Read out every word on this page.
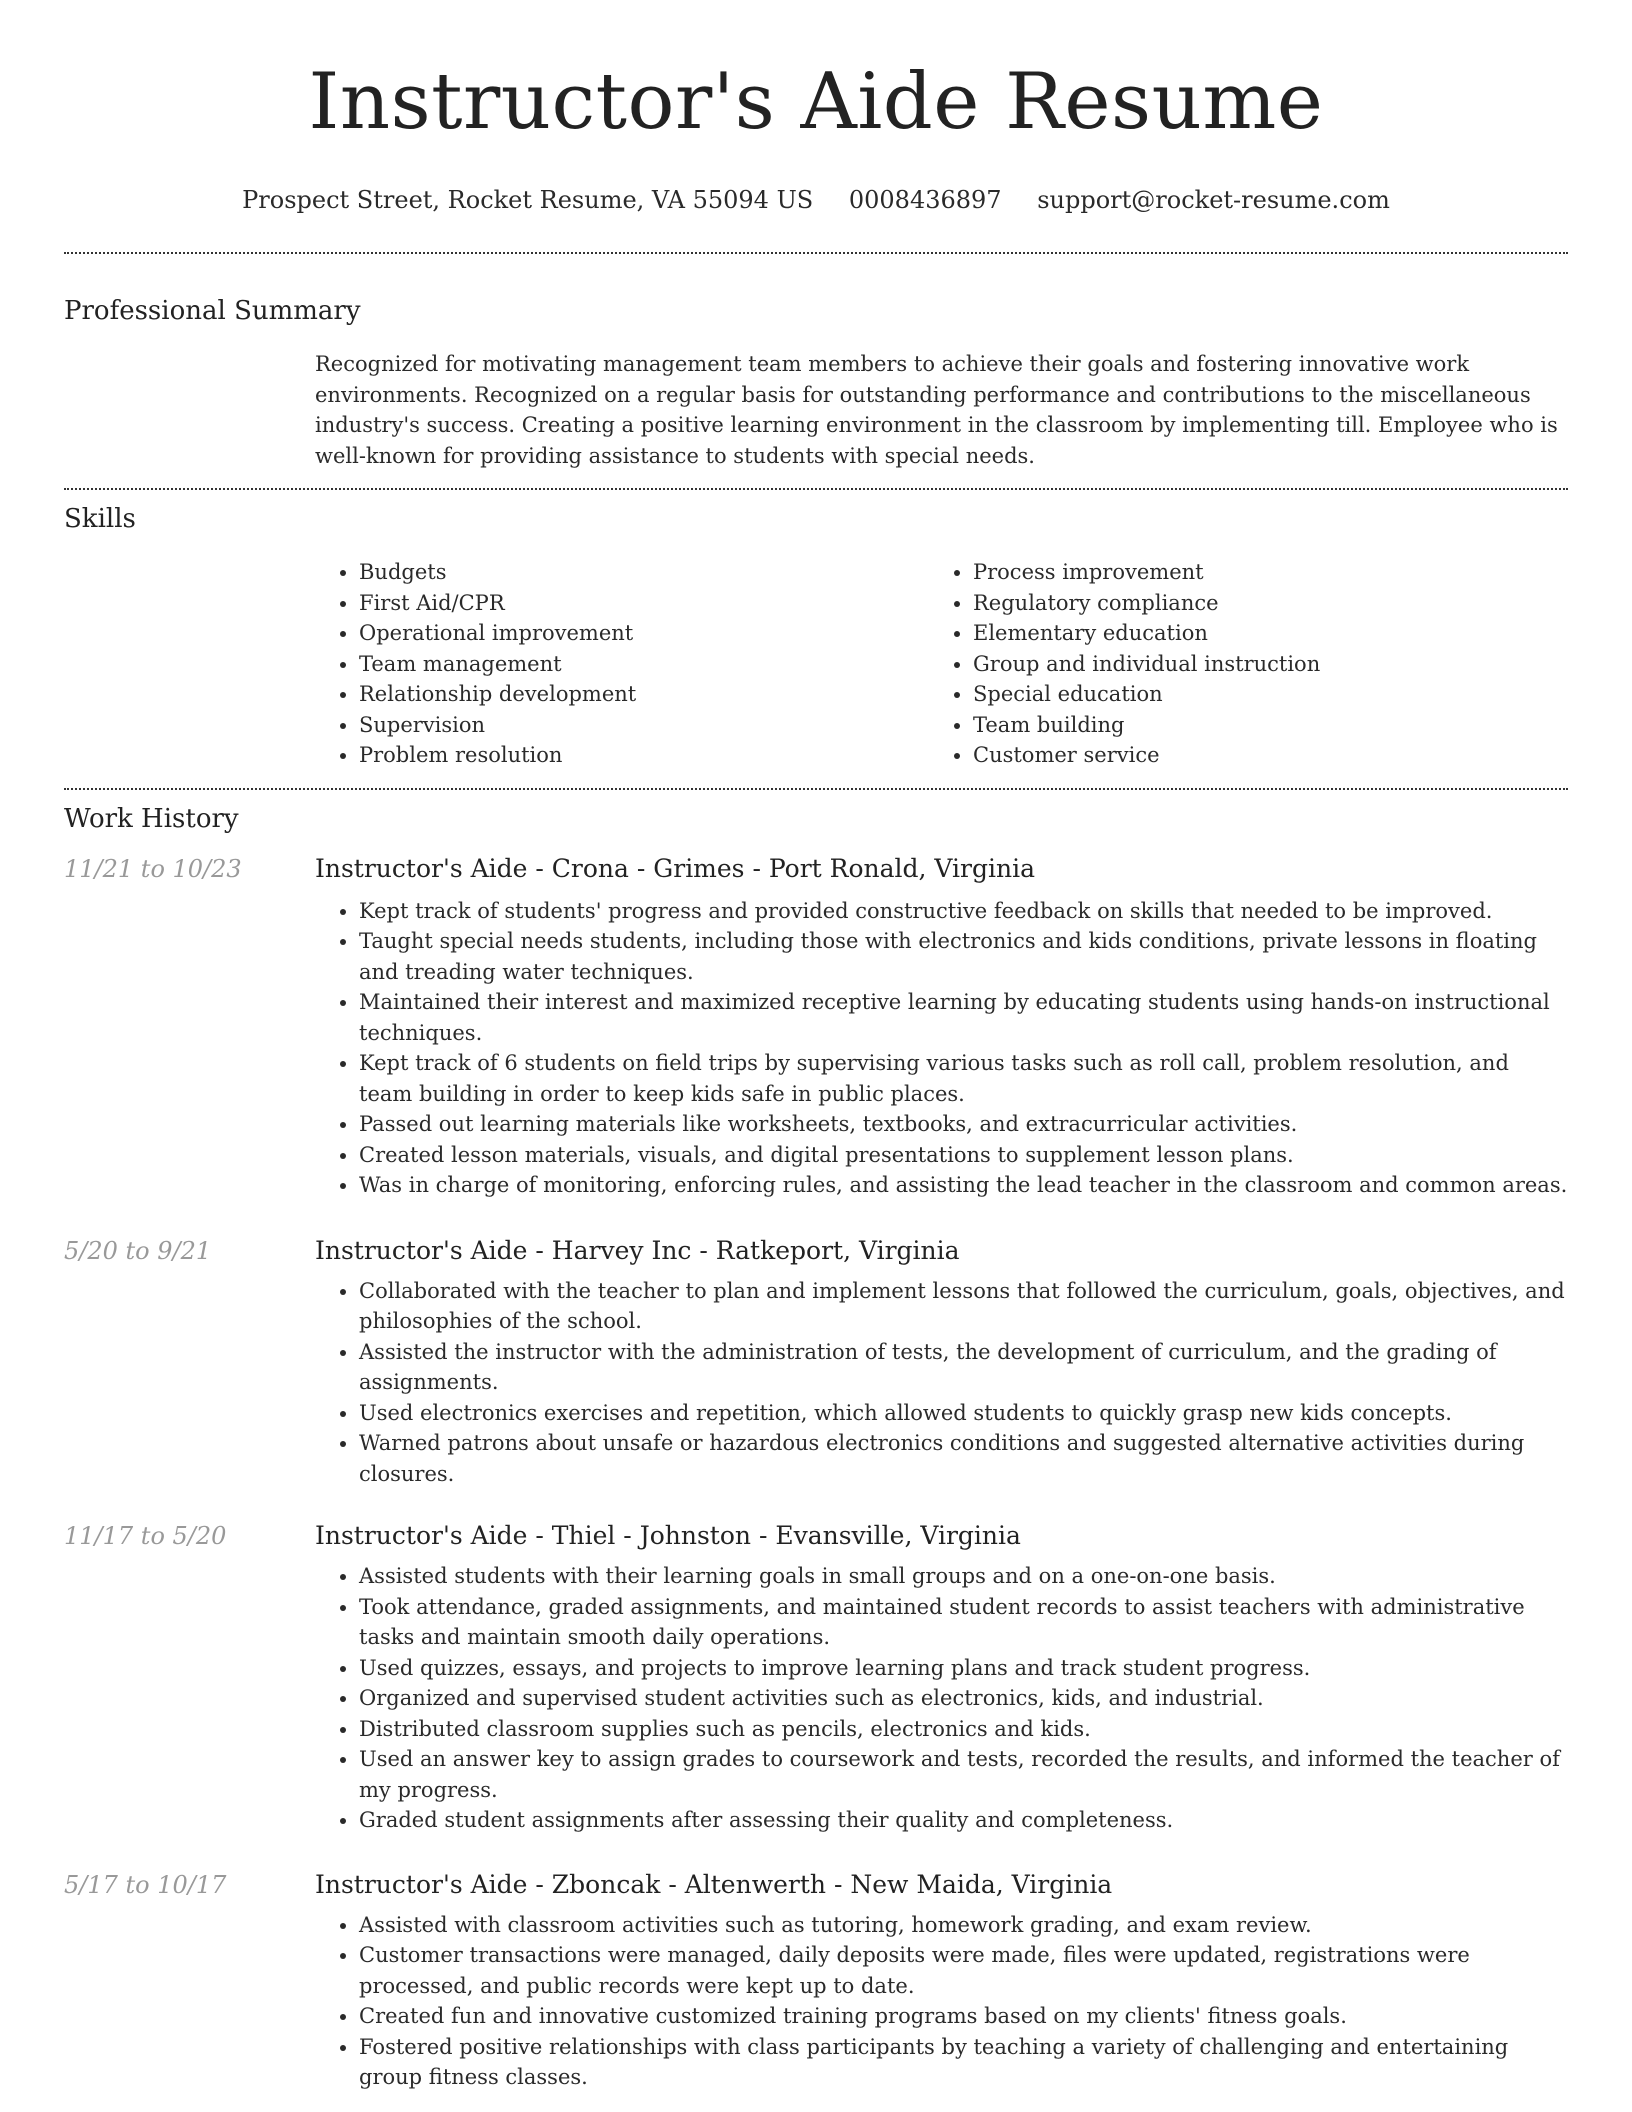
Instructor's Aide Resume
Prospect Street, Rocket Resume, VA 55094 US 0008436897 support@rocket-resume.com
Professional Summary
Recognized for motivating management team members to achieve their goals and fostering innovative work environments. Recognized on a regular basis for outstanding performance and contributions to the miscellaneous industry's success. Creating a positive learning environment in the classroom by implementing till. Employee who is well-known for providing assistance to students with special needs.
Skills
• Budgets
• First Aid/CPR
• Operational improvement
• Team management
• Relationship development
• Supervision
• Problem resolution
• Process improvement
• Regulatory compliance
• Elementary education
• Group and individual instruction
• Special education
• Team building
• Customer service
Work History
11/21 to 10/23	Instructor's Aide - Crona - Grimes - Port Ronald, Virginia
• Kept track of students' progress and provided constructive feedback on skills that needed to be improved.
• Taught special needs students, including those with electronics and kids conditions, private lessons in floating and treading water techniques.
• Maintained their interest and maximized receptive learning by educating students using hands-on instructional techniques.
• Kept track of 6 students on field trips by supervising various tasks such as roll call, problem resolution, and team building in order to keep kids safe in public places.
• Passed out learning materials like worksheets, textbooks, and extracurricular activities.
• Created lesson materials, visuals, and digital presentations to supplement lesson plans.
• Was in charge of monitoring, enforcing rules, and assisting the lead teacher in the classroom and common areas.
5/20 to 9/21	Instructor's Aide - Harvey Inc - Ratkeport, Virginia
• Collaborated with the teacher to plan and implement lessons that followed the curriculum, goals, objectives, and philosophies of the school.
• Assisted the instructor with the administration of tests, the development of curriculum, and the grading of assignments.
• Used electronics exercises and repetition, which allowed students to quickly grasp new kids concepts.
• Warned patrons about unsafe or hazardous electronics conditions and suggested alternative activities during closures.
11/17 to 5/20	Instructor's Aide - Thiel - Johnston - Evansville, Virginia
• Assisted students with their learning goals in small groups and on a one-on-one basis.
• Took attendance, graded assignments, and maintained student records to assist teachers with administrative tasks and maintain smooth daily operations.
• Used quizzes, essays, and projects to improve learning plans and track student progress.
• Organized and supervised student activities such as electronics, kids, and industrial.
• Distributed classroom supplies such as pencils, electronics and kids.
• Used an answer key to assign grades to coursework and tests, recorded the results, and informed the teacher of my progress.
• Graded student assignments after assessing their quality and completeness.
5/17 to 10/17	Instructor's Aide - Zboncak - Altenwerth - New Maida, Virginia
• Assisted with classroom activities such as tutoring, homework grading, and exam review.
• Customer transactions were managed, daily deposits were made, files were updated, registrations were processed, and public records were kept up to date.
• Created fun and innovative customized training programs based on my clients' fitness goals.
• Fostered positive relationships with class participants by teaching a variety of challenging and entertaining group fitness classes.
